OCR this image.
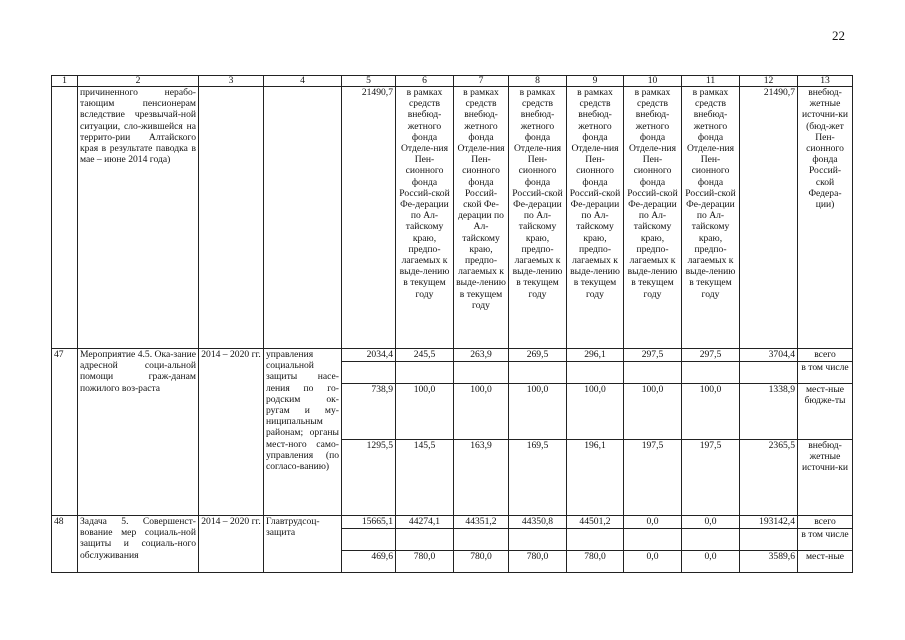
22
1	2	3	4	5	6	7	8	9	10	11	12	13
	причиненного нерабо-тающим пенсионерам вследствие чрезвычай-ной ситуации, сло-жившейся на террито-рии Алтайского края в результате паводка в мае – июне 2014 года)			21490,7	в рамках средств внебюд-жетного фонда Отделе-ния Пен-сионного фонда Россий-ской Фе-дерации по Ал-тайскому краю, предпо-лагаемых к выде-лению в текущем году	в рамках средств внебюд-жетного фонда Отделе-ния Пен-сионного фонда Россий-ской Фе-дерации по Ал-тайскому краю, предпо-лагаемых к выде-лению в текущем году	в рамках средств внебюд-жетного фонда Отделе-ния Пен-сионного фонда Россий-ской Фе-дерации по Ал-тайскому краю, предпо-лагаемых к выде-лению в текущем году	в рамках средств внебюд-жетного фонда Отделе-ния Пен-сионного фонда Россий-ской Фе-дерации по Ал-тайскому краю, предпо-лагаемых к выде-лению в текущем году	в рамках средств внебюд-жетного фонда Отделе-ния Пен-сионного фонда Россий-ской Фе-дерации по Ал-тайскому краю, предпо-лагаемых к выде-лению в текущем году	в рамках средств внебюд-жетного фонда Отделе-ния Пен-сионного фонда Россий-ской Фе-дерации по Ал-тайскому краю, предпо-лагаемых к выде-лению в текущем году	21490,7	внебюд-жетные источни-ки (бюд-жет Пен-сионного фонда Россий-ской Федера-ции)
47	Мероприятие 4.5. Ока-зание адресной соци-альной помощи граж-данам пожилого воз-раста	2014 – 2020 гг.	управления социальной защиты насе-ления по го-родским ок-ругам и му-ниципальным районам; органы мест-ного само-управления (по согласо-ванию)	2034,4	245,5	263,9	269,5	296,1	297,5	297,5	3704,4	всего
												в том числе
				738,9	100,0	100,0	100,0	100,0	100,0	100,0	1338,9	мест-ные бюдже-ты
				1295,5	145,5	163,9	169,5	196,1	197,5	197,5	2365,5	внебюд-жетные источни-ки
48	Задача 5. Совершенст-вование мер социаль-ной защиты и социаль-ного обслуживания	2014 – 2020 гг.	Главтрудсоц-защита	15665,1	44274,1	44351,2	44350,8	44501,2	0,0	0,0	193142,4	всего
												в том числе
				469,6	780,0	780,0	780,0	780,0	0,0	0,0	3589,6	мест-ные
